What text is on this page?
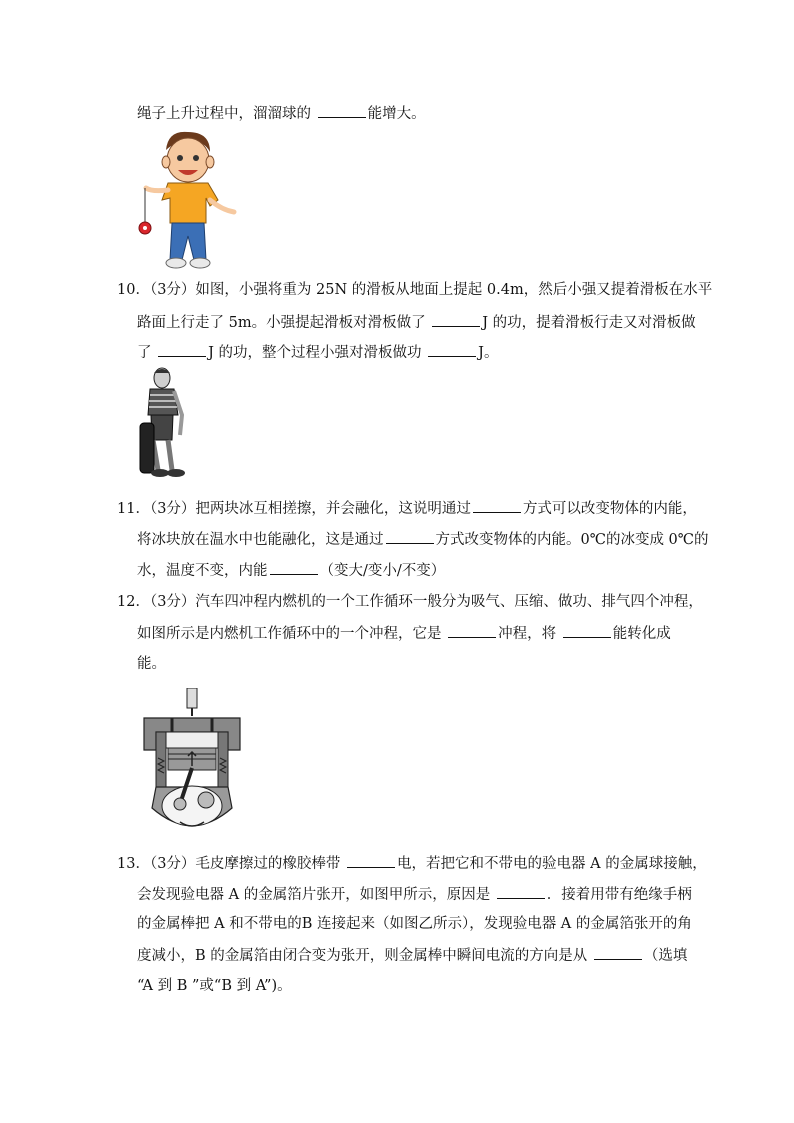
绳子上升过程中，溜溜球的	能增大。
10．（3分）如图，小强将重为 25N 的滑板从地面上提起 0.4m，然后小强又提着滑板在水平
路面上行走了 5m。小强提起滑板对滑板做了	J 的功，提着滑板行走又对滑板做
了	J 的功，整个过程小强对滑板做功	J。
11．（3分）把两块冰互相搓擦，并会融化，这说明通过	方式可以改变物体的内能，
将冰块放在温水中也能融化，这是通过	方式改变物体的内能。0℃的冰变成 0℃的
水，温度不变，内能	（变大/变小/不变）
12．（3分）汽车四冲程内燃机的一个工作循环一般分为吸气、压缩、做功、排气四个冲程，
如图所示是内燃机工作循环中的一个冲程，它是	冲程，将	能转化成
能。
13．（3分）毛皮摩擦过的橡胶棒带	电，若把它和不带电的验电器 A 的金属球接触，
会发现验电器 A 的金属箔片张开，如图甲所示，原因是	．接着用带有绝缘手柄
的金属棒把 A 和不带电的B 连接起来（如图乙所示），发现验电器 A 的金属箔张开的角
度减小，B 的金属箔由闭合变为张开，则金属棒中瞬间电流的方向是从	（选填
“A 到 B ”或“B 到 A”)。
